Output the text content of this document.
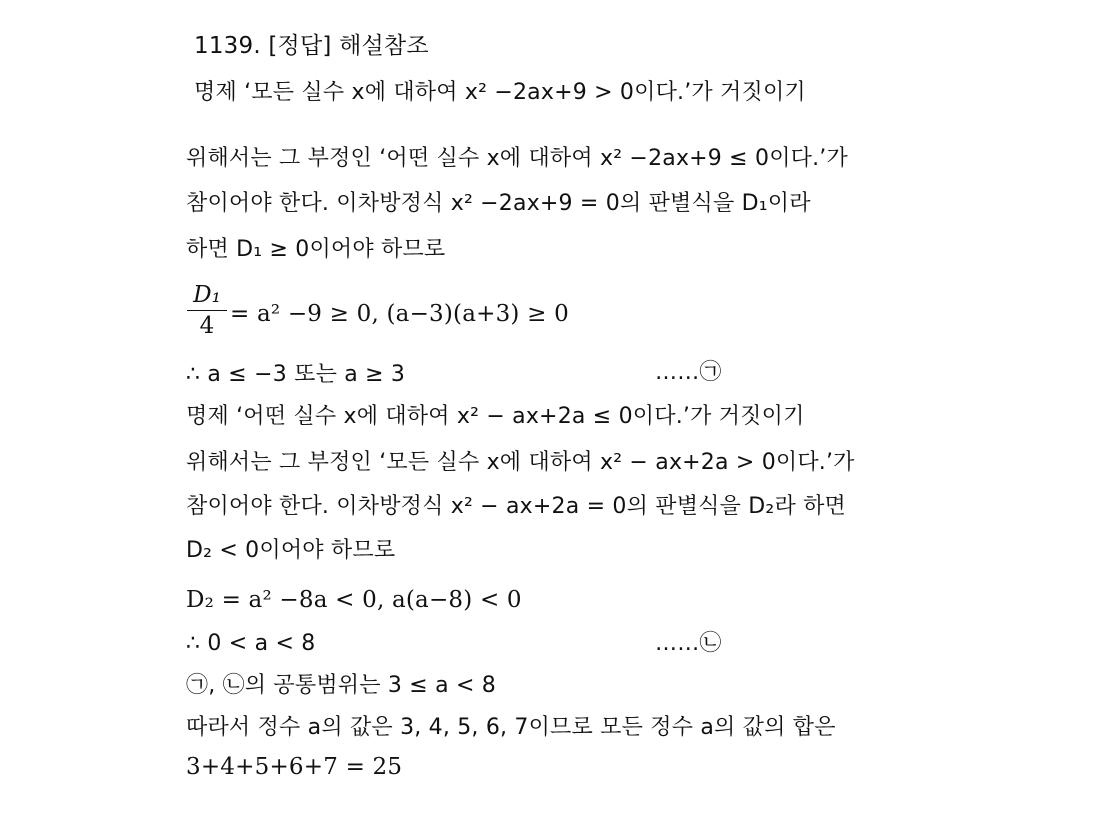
1139. [정답] 해설참조
명제 ‘모든 실수 x에 대하여 x² −2ax+9 > 0이다.’가 거짓이기
위해서는 그 부정인 ‘어떤 실수 x에 대하여 x² −2ax+9 ≤ 0이다.’가
참이어야 한다. 이차방정식 x² −2ax+9 = 0의 판별식을 D₁이라
하면 D₁ ≥ 0이어야 하므로
D₁
4 = a² −9 ≥ 0, (a−3)(a+3) ≥ 0
∴ a ≤ −3 또는 a ≥ 3	……㉠
명제 ‘어떤 실수 x에 대하여 x² − ax+2a ≤ 0이다.’가 거짓이기
위해서는 그 부정인 ‘모든 실수 x에 대하여 x² − ax+2a > 0이다.’가
참이어야 한다. 이차방정식 x² − ax+2a = 0의 판별식을 D₂라 하면
D₂ < 0이어야 하므로
D₂ = a² −8a < 0, a(a−8) < 0
∴ 0 < a < 8	……㉡
㉠, ㉡의 공통범위는 3 ≤ a < 8
따라서 정수 a의 값은 3, 4, 5, 6, 7이므로 모든 정수 a의 값의 합은
3+4+5+6+7 = 25
